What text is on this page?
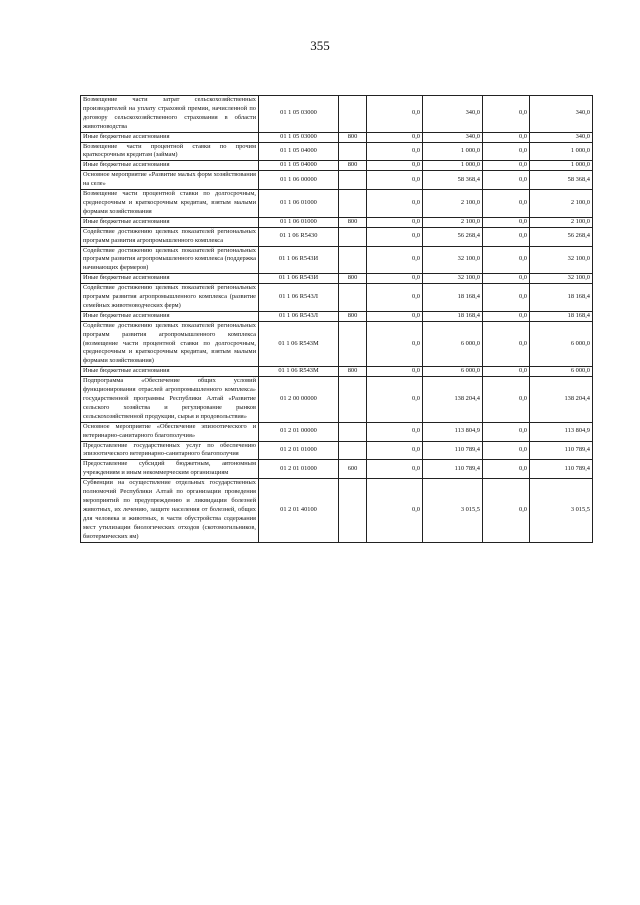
355
Возмещение части затрат сельскохозяйственных производителей на уплату страховой премии, начисленной по договору сельскохозяйственного страхования в области животноводства	01 1 05 03000		0,0	340,0	0,0	340,0
Иные бюджетные ассигнования	01 1 05 03000	800	0,0	340,0	0,0	340,0
Возмещение части процентной ставки по прочим краткосрочным кредитам (займам)	01 1 05 04000		0,0	1 000,0	0,0	1 000,0
Иные бюджетные ассигнования	01 1 05 04000	800	0,0	1 000,0	0,0	1 000,0
Основное мероприятие «Развитие малых форм хозяйствования на селе»	01 1 06 00000		0,0	58 368,4	0,0	58 368,4
Возмещение части процентной ставки по долгосрочным, среднесрочным и краткосрочным кредитам, взятым малыми формами хозяйствования	01 1 06 01000		0,0	2 100,0	0,0	2 100,0
Иные бюджетные ассигнования	01 1 06 01000	800	0,0	2 100,0	0,0	2 100,0
Содействие достижению целевых показателей региональных программ развития агропромышленного комплекса	01 1 06 R5430		0,0	56 268,4	0,0	56 268,4
Содействие достижению целевых показателей региональных программ развития агропромышленного комплекса (поддержка начинающих фермеров)	01 1 06 R543И		0,0	32 100,0	0,0	32 100,0
Иные бюджетные ассигнования	01 1 06 R543И	800	0,0	32 100,0	0,0	32 100,0
Содействие достижению целевых показателей региональных программ развития агропромышленного комплекса (развитие семейных животноводческих ферм)	01 1 06 R543Л		0,0	18 168,4	0,0	18 168,4
Иные бюджетные ассигнования	01 1 06 R543Л	800	0,0	18 168,4	0,0	18 168,4
Содействие достижению целевых показателей региональных программ развития агропромышленного комплекса (возмещение части процентной ставки по долгосрочным, среднесрочным и краткосрочным кредитам, взятым малыми формами хозяйствования)	01 1 06 R543М		0,0	6 000,0	0,0	6 000,0
Иные бюджетные ассигнования	01 1 06 R543М	800	0,0	6 000,0	0,0	6 000,0
Подпрограмма «Обеспечение общих условий функционирования отраслей агропромышленного комплекса» государственной программы Республики Алтай «Развитие сельского хозяйства и регулирование рынков сельскохозяйственной продукции, сырья и продовольствия»	01 2 00 00000		0,0	138 204,4	0,0	138 204,4
Основное мероприятие «Обеспечение эпизоотического и ветеринарно-санитарного благополучия»	01 2 01 00000		0,0	113 804,9	0,0	113 804,9
Предоставление государственных услуг по обеспечению эпизоотического ветеринарно-санитарного благополучия	01 2 01 01000		0,0	110 789,4	0,0	110 789,4
Предоставление субсидий бюджетным, автономным учреждениям и иным некоммерческим организациям	01 2 01 01000	600	0,0	110 789,4	0,0	110 789,4
Субвенции на осуществление отдельных государственных полномочий Республики Алтай по организации проведения мероприятий по предупреждению и ликвидации болезней животных, их лечению, защите населения от болезней, общих для человека и животных, в части обустройства содержания мест утилизации биологических отходов (скотомогильников, биотермических ям)	01 2 01 40100		0,0	3 015,5	0,0	3 015,5
